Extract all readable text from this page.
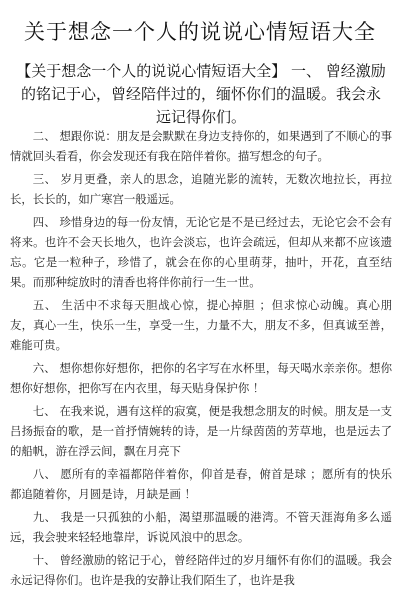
关于想念一个人的说说心情短语大全
【关于想念一个人的说说心情短语大全】 一、 曾经激励的铭记于心，曾经陪伴过的，缅怀你们的温暖。我会永远记得你们。

二、 想跟你说：朋友是会默默在身边支持你的，如果遇到了不顺心的事情就回头看看，你会发现还有我在陪伴着你。描写想念的句子。

三、 岁月更叠，亲人的思念，追随光影的流转，无数次地拉长，再拉长，长长的，如广寒宫一般遥远。

四、 珍惜身边的每一份友情，无论它是不是已经过去，无论它会不会有将来。也许不会天长地久，也许会淡忘，也许会疏远，但却从来都不应该遗忘。它是一粒种子，珍惜了，就会在你的心里萌芽，抽叶，开花，直至结果。而那种绽放时的清香也将伴你前行一生一世。

五、 生活中不求每天胆战心惊，提心掉胆 ；但求惊心动魄。真心朋友，真心一生，快乐一生，享受一生，力量不大，朋友不多，但真诚至善，难能可贵。

六、 想你想你好想你，把你的名字写在水杯里，每天喝水亲亲你。想你想你好想你，把你写在内衣里，每天贴身保护你 ！

七、 在我来说，遇有这样的寂寞，便是我想念朋友的时候。朋友是一支吕扬振奋的歌，是一首抒情婉转的诗，是一片绿茵茵的芳草地，也是远去了的船帆，游在浮云间，飘在月亮下

八、 愿所有的幸福都陪伴着你，仰首是春，俯首是球 ；愿所有的快乐都追随着你，月圆是诗，月缺是画 ！

九、 我是一只孤独的小船，渴望那温暖的港湾。不管天涯海角多么遥远，我会驶来轻轻地靠岸，诉说风浪中的思念。

十、 曾经激励的铭记于心，曾经陪伴过的岁月缅怀有你们的温暖。我会永远记得你们。也许是我的安静让我们陌生了，也许是我
